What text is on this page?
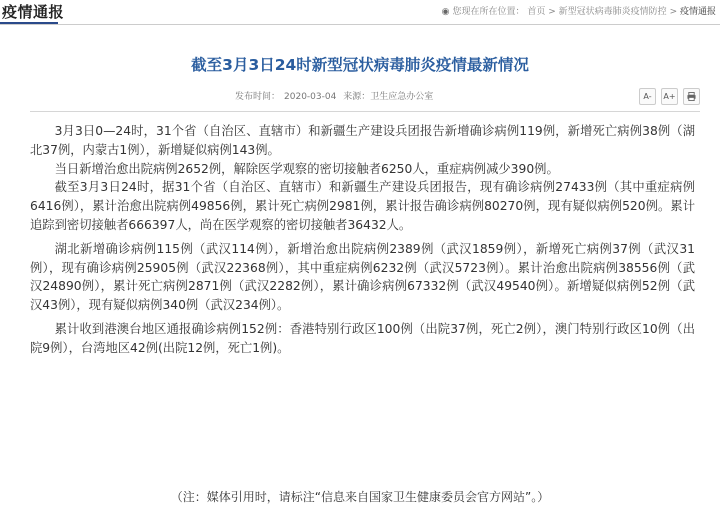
疫情通报	◉ 您现在所在位置： 首页 > 新型冠状病毒肺炎疫情防控 > 疫情通报
截至3月3日24时新型冠状病毒肺炎疫情最新情况
发布时间： 2020-03-04 来源：卫生应急办公室	A-	A+

3月3日0—24时，31个省（自治区、直辖市）和新疆生产建设兵团报告新增确诊病例119例，新增死亡病例38例（湖北37例，内蒙古1例），新增疑似病例143例。

当日新增治愈出院病例2652例，解除医学观察的密切接触者6250人，重症病例减少390例。

截至3月3日24时，据31个省（自治区、直辖市）和新疆生产建设兵团报告，现有确诊病例27433例（其中重症病例6416例），累计治愈出院病例49856例，累计死亡病例2981例，累计报告确诊病例80270例，现有疑似病例520例。累计追踪到密切接触者666397人，尚在医学观察的密切接触者36432人。

湖北新增确诊病例115例（武汉114例），新增治愈出院病例2389例（武汉1859例），新增死亡病例37例（武汉31例），现有确诊病例25905例（武汉22368例），其中重症病例6232例（武汉5723例）。累计治愈出院病例38556例（武汉24890例），累计死亡病例2871例（武汉2282例），累计确诊病例67332例（武汉49540例）。新增疑似病例52例（武汉43例），现有疑似病例340例（武汉234例）。

累计收到港澳台地区通报确诊病例152例：香港特别行政区100例（出院37例，死亡2例），澳门特别行政区10例（出院9例），台湾地区42例(出院12例，死亡1例)。

（注：媒体引用时，请标注“信息来自国家卫生健康委员会官方网站”。）
